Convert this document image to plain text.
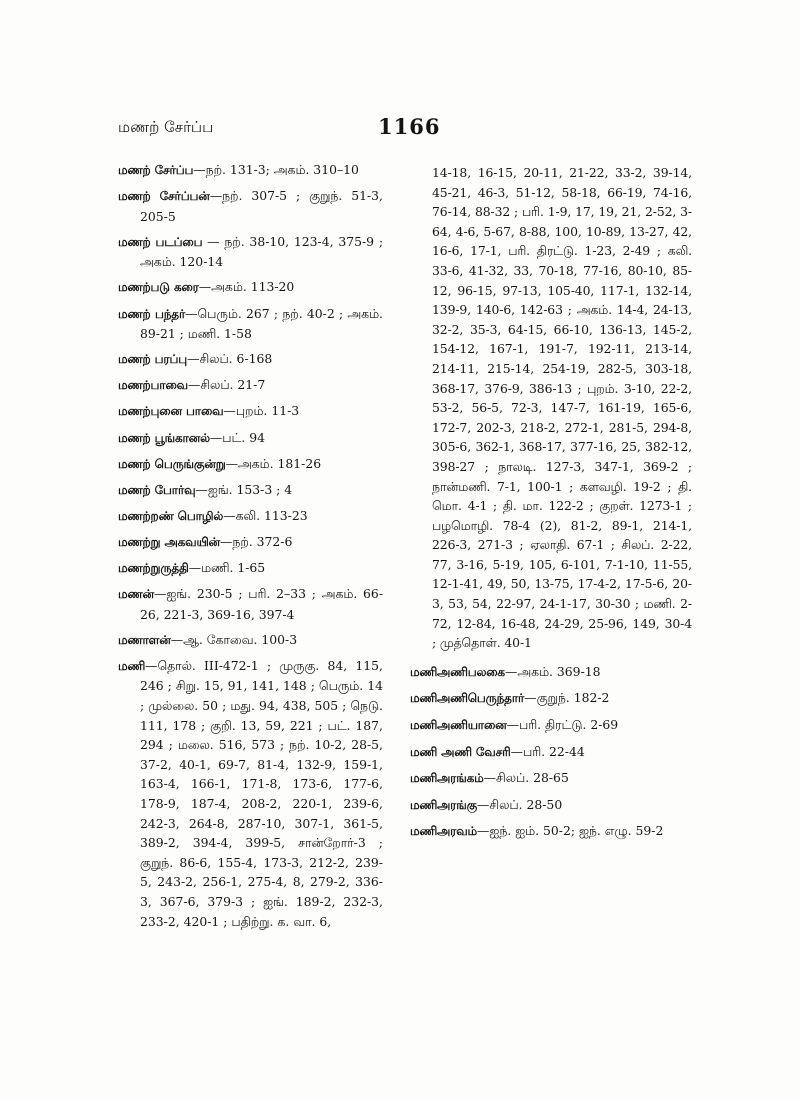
மணற் சேர்ப்ப	1166

மணற் சேர்ப்ப—நற். 131-3; அகம். 310–10

மணற் சேர்ப்பன்—நற். 307-5 ; குறுந். 51-3, 205-5

மணற் படப்பை — நற். 38-10, 123-4, 375-9 ; அகம். 120-14

மணற்படு கரை—அகம். 113-20

மணற் பந்தர்—பெரும். 267 ; நற். 40-2 ; அகம். 89-21 ; மணி. 1-58

மணற் பரப்பு—சிலப். 6-168

மணற்பாவை—சிலப். 21-7

மணற்புனை பாவை—புறம். 11-3

மணற் பூங்கானல்—பட். 94

மணற் பெருங்குன்று—அகம். 181-26

மணற் போர்வு—ஐங். 153-3 ; 4

மணற்றண் பொழில்—கலி. 113-23

மணற்று அகவயின்—நற். 372-6

மணற்றுருத்தி—மணி. 1-65

மணன்—ஐங். 230-5 ; பரி. 2–33 ; அகம். 66-26, 221-3, 369-16, 397-4

மணாளன்—ஆ. கோவை. 100-3

மணி—தொல். III-472-1 ; முருகு. 84, 115, 246 ; சிறு. 15, 91, 141, 148 ; பெரும். 14 ; முல்லை. 50 ; மது. 94, 438, 505 ; நெடு. 111, 178 ; குறி. 13, 59, 221 ; பட். 187, 294 ; மலை. 516, 573 ; நற். 10-2, 28-5, 37-2, 40-1, 69-7, 81-4, 132-9, 159-1, 163-4, 166-1, 171-8, 173-6, 177-6, 178-9, 187-4, 208-2, 220-1, 239-6, 242-3, 264-8, 287-10, 307-1, 361-5, 389-2, 394-4, 399-5, சான்றோர்-3 ; குறுந். 86-6, 155-4, 173-3, 212-2, 239-5, 243-2, 256-1, 275-4, 8, 279-2, 336-3, 367-6, 379-3 ; ஐங். 189-2, 232-3, 233-2, 420-1 ; பதிற்று. க. வா. 6,

14-18, 16-15, 20-11, 21-22, 33-2, 39-14, 45-21, 46-3, 51-12, 58-18, 66-19, 74-16, 76-14, 88-32 ; பரி. 1-9, 17, 19, 21, 2-52, 3-64, 4-6, 5-67, 8-88, 100, 10-89, 13-27, 42, 16-6, 17-1, பரி. திரட்டு. 1-23, 2-49 ; கலி. 33-6, 41-32, 33, 70-18, 77-16, 80-10, 85-12, 96-15, 97-13, 105-40, 117-1, 132-14, 139-9, 140-6, 142-63 ; அகம். 14-4, 24-13, 32-2, 35-3, 64-15, 66-10, 136-13, 145-2, 154-12, 167-1, 191-7, 192-11, 213-14, 214-11, 215-14, 254-19, 282-5, 303-18, 368-17, 376-9, 386-13 ; புறம். 3-10, 22-2, 53-2, 56-5, 72-3, 147-7, 161-19, 165-6, 172-7, 202-3, 218-2, 272-1, 281-5, 294-8, 305-6, 362-1, 368-17, 377-16, 25, 382-12, 398-27 ; நாலடி. 127-3, 347-1, 369-2 ; நான்மணி. 7-1, 100-1 ; களவழி. 19-2 ; தி. மொ. 4-1 ; தி. மா. 122-2 ; குறள். 1273-1 ; பழமொழி. 78-4 (2), 81-2, 89-1, 214-1, 226-3, 271-3 ; ஏலாதி. 67-1 ; சிலப். 2-22, 77, 3-16, 5-19, 105, 6-101, 7-1-10, 11-55, 12-1-41, 49, 50, 13-75, 17-4-2, 17-5-6, 20-3, 53, 54, 22-97, 24-1-17, 30-30 ; மணி. 2-72, 12-84, 16-48, 24-29, 25-96, 149, 30-4 ; முத்தொள். 40-1

மணிஅணிபலகை—அகம். 369-18

மணிஅணிபெருந்தார்—குறுந். 182-2

மணிஅணியானை—பரி. திரட்டு. 2-69

மணி அணி வேசரி—பரி. 22-44

மணிஅரங்கம்—சிலப். 28-65

மணிஅரங்கு—சிலப். 28-50

மணிஅரவம்—ஐந். ஐம். 50-2; ஐந். எழு. 59-2
